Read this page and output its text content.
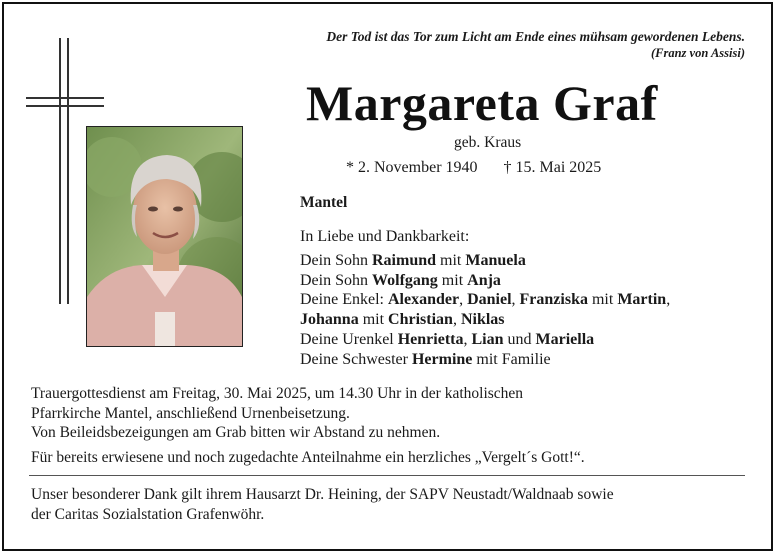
Der Tod ist das Tor zum Licht am Ende eines mühsam gewordenen Lebens.
(Franz von Assisi)
Margareta Graf
geb. Kraus
* 2. November 1940 † 15. Mai 2025
Mantel
In Liebe und Dankbarkeit:
Dein Sohn Raimund mit Manuela
Dein Sohn Wolfgang mit Anja
Deine Enkel: Alexander, Daniel, Franziska mit Martin,
Johanna mit Christian, Niklas
Deine Urenkel Henrietta, Lian und Mariella
Deine Schwester Hermine mit Familie
Trauergottesdienst am Freitag, 30. Mai 2025, um 14.30 Uhr in der katholischen
Pfarrkirche Mantel, anschließend Urnenbeisetzung.
Von Beileidsbezeigungen am Grab bitten wir Abstand zu nehmen.
Für bereits erwiesene und noch zugedachte Anteilnahme ein herzliches „Vergelt´s Gott!“.
Unser besonderer Dank gilt ihrem Hausarzt Dr. Heining, der SAPV Neustadt/Waldnaab sowie
der Caritas Sozialstation Grafenwöhr.
